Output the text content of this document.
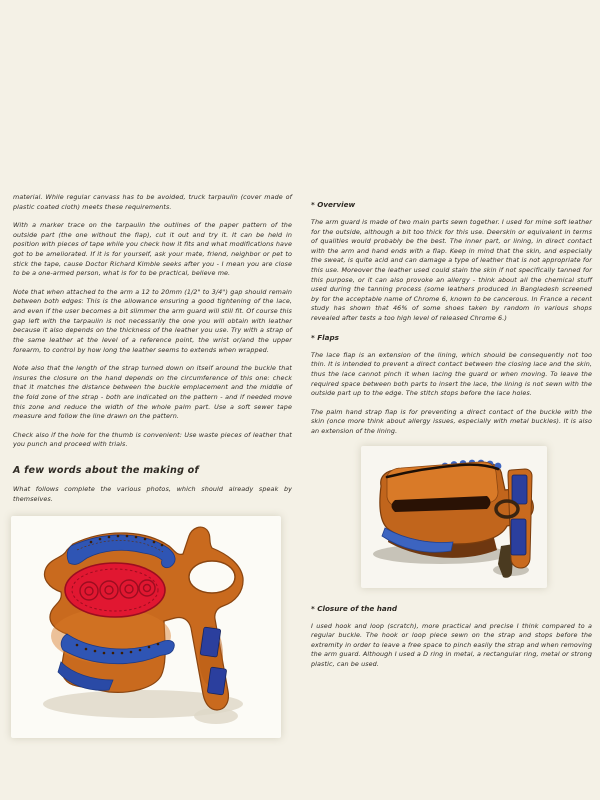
material. While regular canvass has to be avoided, truck tarpaulin (cover made of plastic coated cloth) meets these requirements.

With a marker trace on the tarpaulin the outlines of the paper pattern of the outside part (the one without the flap), cut it out and try it. It can be held in position with pieces of tape while you check how it fits and what modifications have got to be ameliorated. If it is for yourself, ask your mate, friend, neighbor or pet to stick the tape, cause Doctor Richard Kimble seeks after you - I mean you are close to be a one-armed person, what is for to be practical, believe me.

Note that when attached to the arm a 12 to 20mm (1/2" to 3/4") gap should remain between both edges: This is the allowance ensuring a good tightening of the lace, and even if the user becomes a bit slimmer the arm guard will still fit. Of course this gap left with the tarpaulin is not necessarily the one you will obtain with leather because it also depends on the thickness of the leather you use. Try with a strap of the same leather at the level of a reference point, the wrist or/and the upper forearm, to control by how long the leather seems to extends when wrapped.

Note also that the length of the strap turned down on itself around the buckle that insures the closure on the hand depends on the circumference of this one: check that it matches the distance between the buckle emplacement and the middle of the fold zone of the strap - both are indicated on the pattern - and if needed move this zone and reduce the width of the whole palm part. Use a soft sewer tape measure and follow the line drawn on the pattern.

Check also if the hole for the thumb is convenient: Use waste pieces of leather that you punch and proceed with trials.

A few words about the making of

What follows complete the various photos, which should already speak by themselves.

* Overview

The arm guard is made of two main parts sewn together. I used for mine soft leather for the outside, although a bit too thick for this use. Deerskin or equivalent in terms of qualities would probably be the best. The inner part, or lining, in direct contact with the arm and hand ends with a flap. Keep in mind that the skin, and especially the sweat, is quite acid and can damage a type of leather that is not appropriate for this use. Moreover the leather used could stain the skin if not specifically tanned for this purpose, or it can also provoke an allergy - think about all the chemical stuff used during the tanning process (some leathers produced in Bangladesh screened by for the acceptable name of Chrome 6, known to be cancerous. In France a recent study has shown that 46% of some shoes taken by random in various shops revealed after tests a too high level of released Chrome 6.)

* Flaps

The lace flap is an extension of the lining, which should be consequently not too thin. It is intended to prevent a direct contact between the closing lace and the skin, thus the lace cannot pinch it when lacing the guard or when moving. To leave the required space between both parts to insert the lace, the lining is not sewn with the outside part up to the edge. The stitch stops before the lace holes.

The palm hand strap flap is for preventing a direct contact of the buckle with the skin (once more think about allergy issues, especially with metal buckles). It is also an extension of the lining.

* Closure of the hand

I used hook and loop (scratch), more practical and precise I think compared to a regular buckle. The hook or loop piece sewn on the strap and stops before the extremity in order to leave a free space to pinch easily the strap and when removing the arm guard. Although I used a D ring in metal, a rectangular ring, metal or strong plastic, can be used.
